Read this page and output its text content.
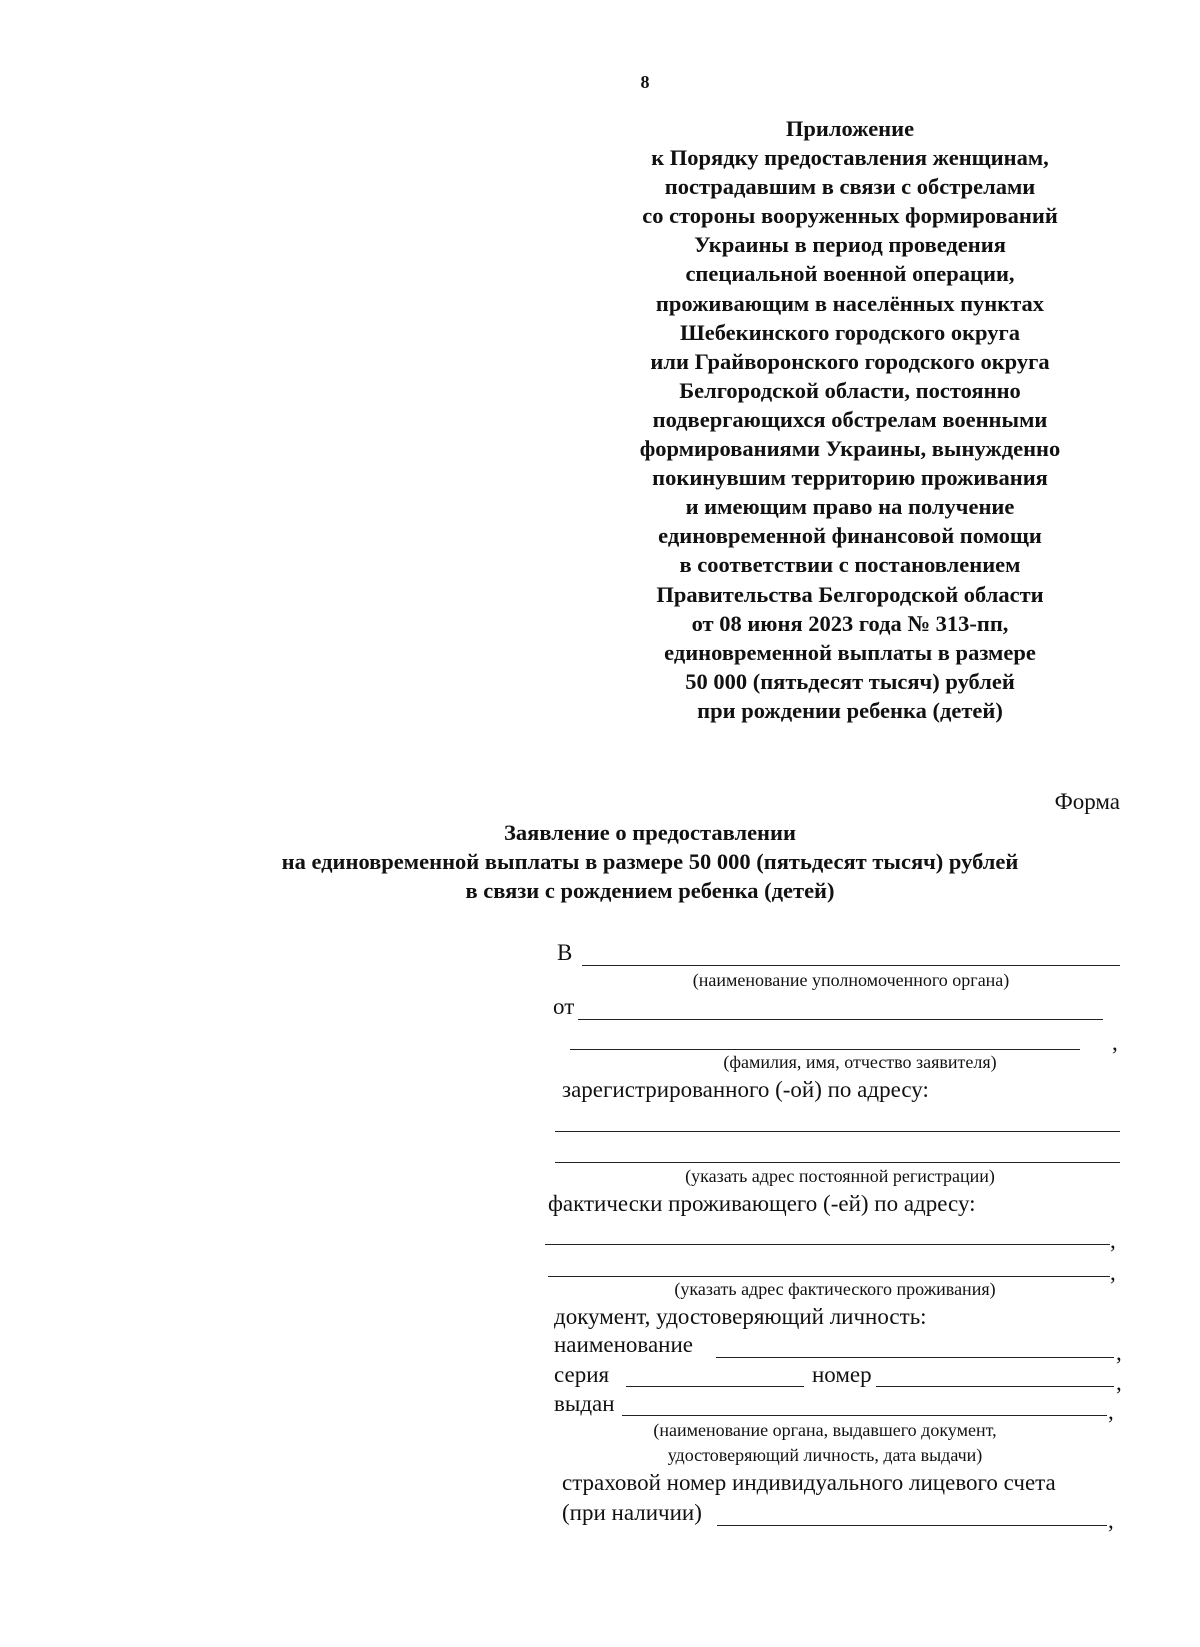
8
Приложение
к Порядку предоставления женщинам,
пострадавшим в связи с обстрелами
со стороны вооруженных формирований
Украины в период проведения
специальной военной операции,
проживающим в населённых пунктах
Шебекинского городского округа
или Грайворонского городского округа
Белгородской области, постоянно
подвергающихся обстрелам военными
формированиями Украины, вынужденно
покинувшим территорию проживания
и имеющим право на получение
единовременной финансовой помощи
в соответствии с постановлением
Правительства Белгородской области
от 08 июня 2023 года № 313-пп,
единовременной выплаты в размере
50 000 (пятьдесят тысяч) рублей
при рождении ребенка (детей)
Форма
Заявление о предоставлении
на единовременной выплаты в размере 50 000 (пятьдесят тысяч) рублей
в связи с рождением ребенка (детей)
В
(наименование уполномоченного органа)
от
,
(фамилия, имя, отчество заявителя)
зарегистрированного (-ой) по адресу:
(указать адрес постоянной регистрации)
фактически проживающего (-ей) по адресу:
,
,
(указать адрес фактического проживания)
документ, удостоверяющий личность:
наименование	,
серия	номер	,
выдан	,
(наименование органа, выдавшего документ,
удостоверяющий личность, дата выдачи)
страховой номер индивидуального лицевого счета
(при наличии)	,
